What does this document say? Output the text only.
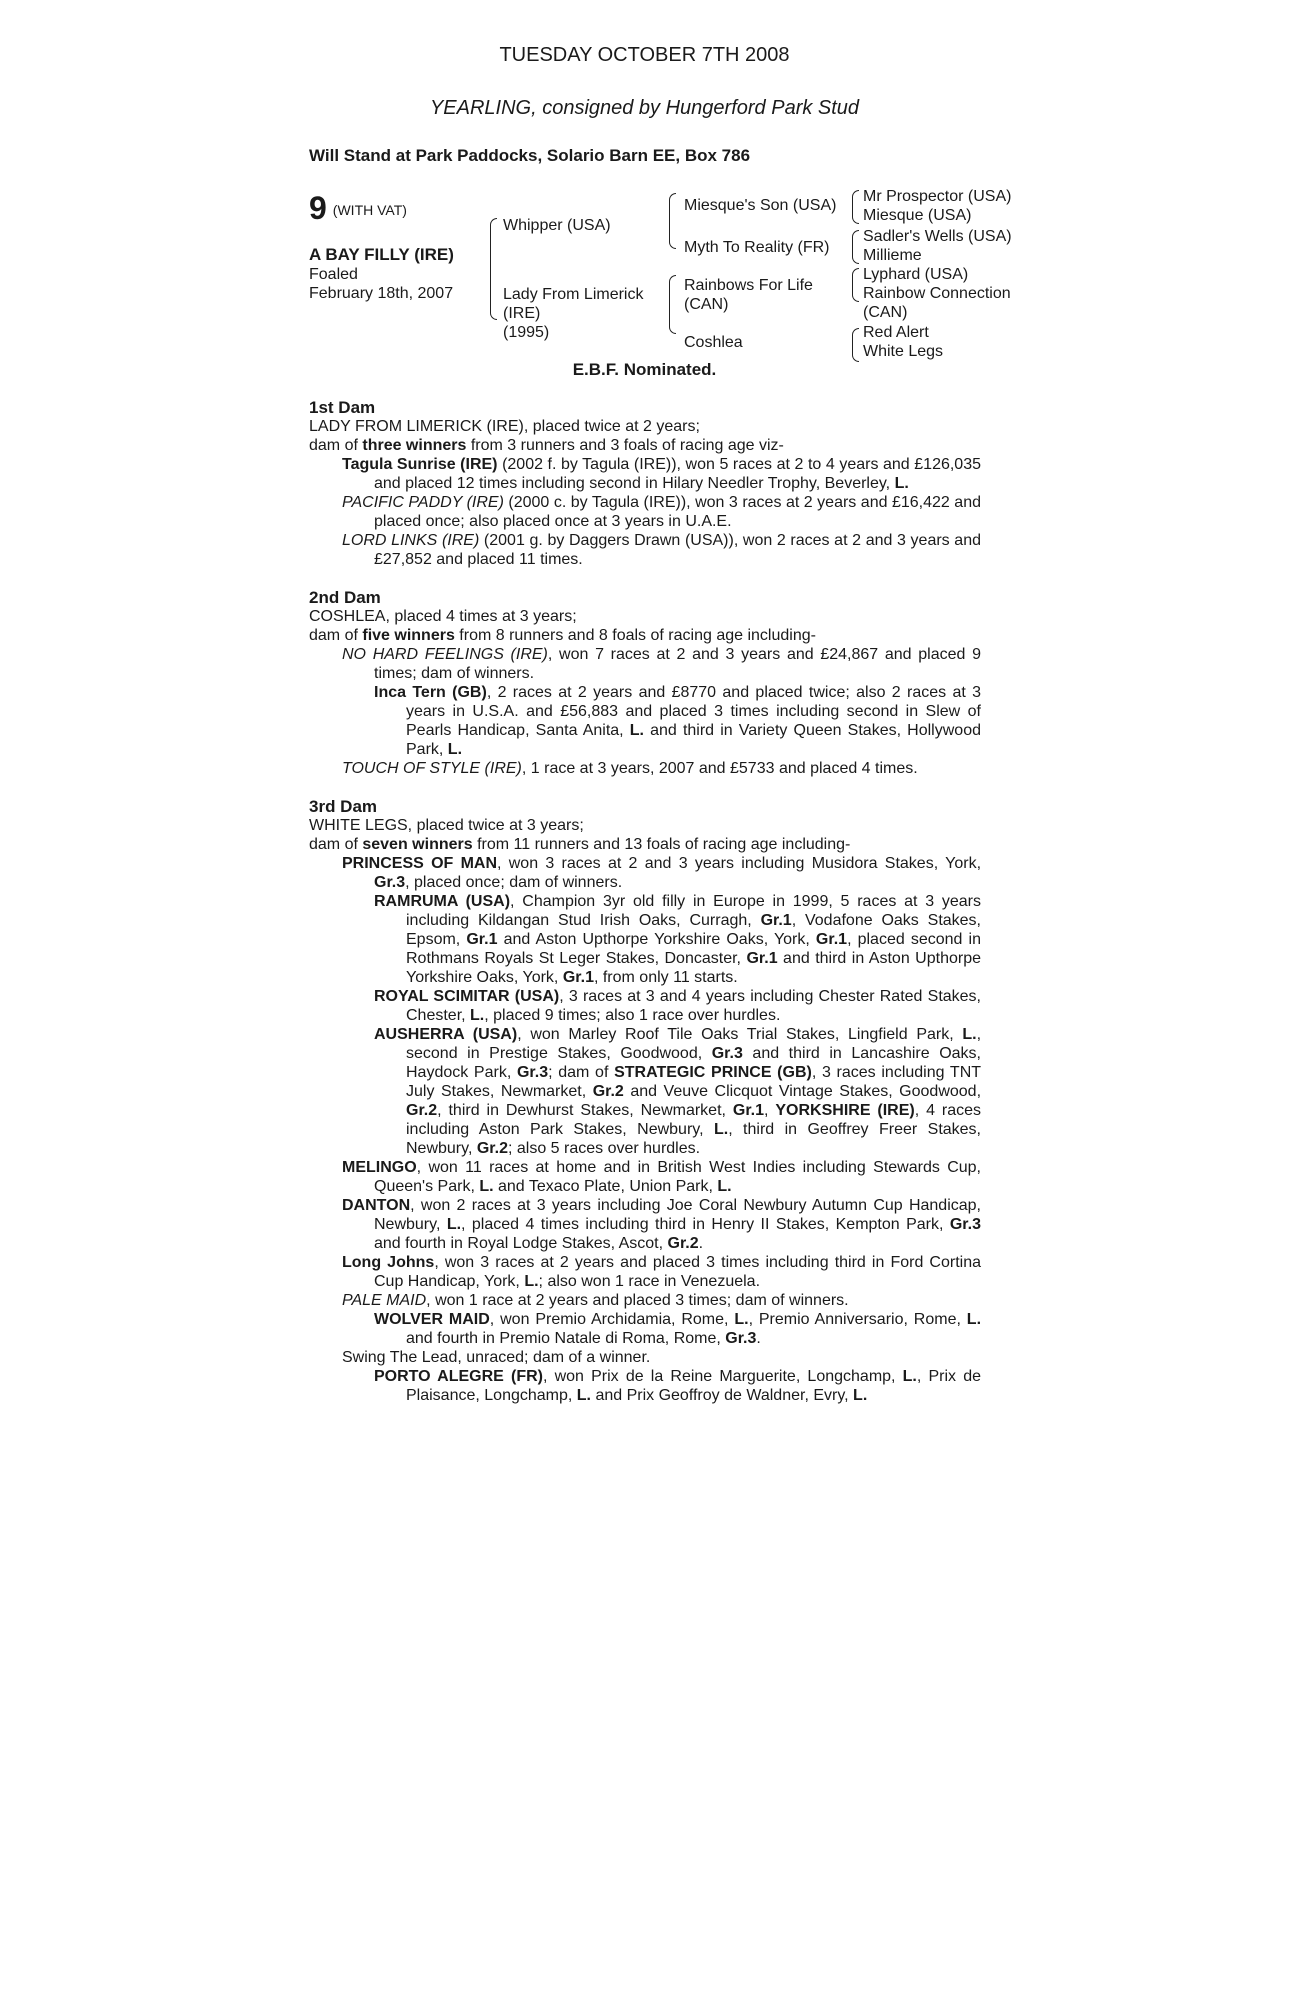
TUESDAY OCTOBER 7TH 2008
YEARLING, consigned by Hungerford Park Stud
Will Stand at Park Paddocks, Solario Barn EE, Box 786
9 (WITH VAT)
A BAY FILLY (IRE)
Foaled
February 18th, 2007
Whipper (USA)
Lady From Limerick
(IRE)
(1995)
Miesque's Son (USA)
Myth To Reality (FR)
Rainbows For Life
(CAN)
Coshlea
Mr Prospector (USA)
Miesque (USA)
Sadler's Wells (USA)
Millieme
Lyphard (USA)
Rainbow Connection
(CAN)
Red Alert
White Legs
E.B.F. Nominated.
1st Dam

LADY FROM LIMERICK (IRE), placed twice at 2 years;

dam of three winners from 3 runners and 3 foals of racing age viz-

Tagula Sunrise (IRE) (2002 f. by Tagula (IRE)), won 5 races at 2 to 4 years and £126,035 and placed 12 times including second in Hilary Needler Trophy, Beverley, L.

PACIFIC PADDY (IRE) (2000 c. by Tagula (IRE)), won 3 races at 2 years and £16,422 and placed once; also placed once at 3 years in U.A.E.

LORD LINKS (IRE) (2001 g. by Daggers Drawn (USA)), won 2 races at 2 and 3 years and £27,852 and placed 11 times.

2nd Dam

COSHLEA, placed 4 times at 3 years;

dam of five winners from 8 runners and 8 foals of racing age including-

NO HARD FEELINGS (IRE), won 7 races at 2 and 3 years and £24,867 and placed 9 times; dam of winners.

Inca Tern (GB), 2 races at 2 years and £8770 and placed twice; also 2 races at 3 years in U.S.A. and £56,883 and placed 3 times including second in Slew of Pearls Handicap, Santa Anita, L. and third in Variety Queen Stakes, Hollywood Park, L.

TOUCH OF STYLE (IRE), 1 race at 3 years, 2007 and £5733 and placed 4 times.

3rd Dam

WHITE LEGS, placed twice at 3 years;

dam of seven winners from 11 runners and 13 foals of racing age including-

PRINCESS OF MAN, won 3 races at 2 and 3 years including Musidora Stakes, York, Gr.3, placed once; dam of winners.

RAMRUMA (USA), Champion 3yr old filly in Europe in 1999, 5 races at 3 years including Kildangan Stud Irish Oaks, Curragh, Gr.1, Vodafone Oaks Stakes, Epsom, Gr.1 and Aston Upthorpe Yorkshire Oaks, York, Gr.1, placed second in Rothmans Royals St Leger Stakes, Doncaster, Gr.1 and third in Aston Upthorpe Yorkshire Oaks, York, Gr.1, from only 11 starts.

ROYAL SCIMITAR (USA), 3 races at 3 and 4 years including Chester Rated Stakes, Chester, L., placed 9 times; also 1 race over hurdles.

AUSHERRA (USA), won Marley Roof Tile Oaks Trial Stakes, Lingfield Park, L., second in Prestige Stakes, Goodwood, Gr.3 and third in Lancashire Oaks, Haydock Park, Gr.3; dam of STRATEGIC PRINCE (GB), 3 races including TNT July Stakes, Newmarket, Gr.2 and Veuve Clicquot Vintage Stakes, Goodwood, Gr.2, third in Dewhurst Stakes, Newmarket, Gr.1, YORKSHIRE (IRE), 4 races including Aston Park Stakes, Newbury, L., third in Geoffrey Freer Stakes, Newbury, Gr.2; also 5 races over hurdles.

MELINGO, won 11 races at home and in British West Indies including Stewards Cup, Queen's Park, L. and Texaco Plate, Union Park, L.

DANTON, won 2 races at 3 years including Joe Coral Newbury Autumn Cup Handicap, Newbury, L., placed 4 times including third in Henry II Stakes, Kempton Park, Gr.3 and fourth in Royal Lodge Stakes, Ascot, Gr.2.

Long Johns, won 3 races at 2 years and placed 3 times including third in Ford Cortina Cup Handicap, York, L.; also won 1 race in Venezuela.

PALE MAID, won 1 race at 2 years and placed 3 times; dam of winners.

WOLVER MAID, won Premio Archidamia, Rome, L., Premio Anniversario, Rome, L. and fourth in Premio Natale di Roma, Rome, Gr.3.

Swing The Lead, unraced; dam of a winner.

PORTO ALEGRE (FR), won Prix de la Reine Marguerite, Longchamp, L., Prix de Plaisance, Longchamp, L. and Prix Geoffroy de Waldner, Evry, L.
